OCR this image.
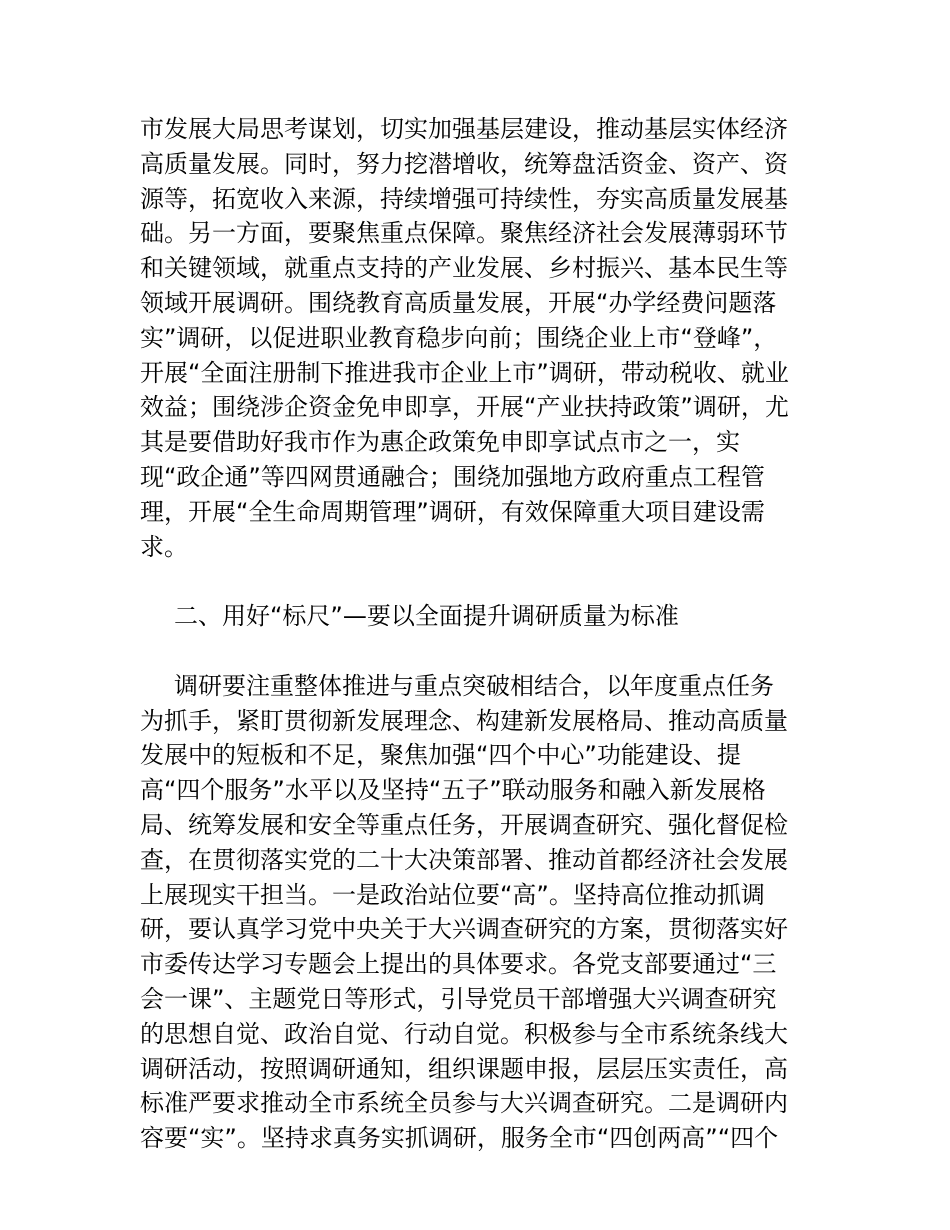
市发展大局思考谋划，切实加强基层建设，推动基层实体经济
高质量发展。同时，努力挖潜增收，统筹盘活资金、资产、资
源等，拓宽收入来源，持续增强可持续性，夯实高质量发展基
础。另一方面，要聚焦重点保障。聚焦经济社会发展薄弱环节
和关键领域，就重点支持的产业发展、乡村振兴、基本民生等
领域开展调研。围绕教育高质量发展，开展“办学经费问题落
实”调研，以促进职业教育稳步向前；围绕企业上市“登峰”，
开展“全面注册制下推进我市企业上市”调研，带动税收、就业
效益；围绕涉企资金免申即享，开展“产业扶持政策”调研，尤
其是要借助好我市作为惠企政策免申即享试点市之一，实
现“政企通”等四网贯通融合；围绕加强地方政府重点工程管
理，开展“全生命周期管理”调研，有效保障重大项目建设需
求。
二、用好“标尺”—要以全面提升调研质量为标准
调研要注重整体推进与重点突破相结合，以年度重点任务
为抓手，紧盯贯彻新发展理念、构建新发展格局、推动高质量
发展中的短板和不足，聚焦加强“四个中心”功能建设、提
高“四个服务”水平以及坚持“五子”联动服务和融入新发展格
局、统筹发展和安全等重点任务，开展调查研究、强化督促检
查，在贯彻落实党的二十大决策部署、推动首都经济社会发展
上展现实干担当。一是政治站位要“高”。坚持高位推动抓调
研，要认真学习党中央关于大兴调查研究的方案，贯彻落实好
市委传达学习专题会上提出的具体要求。各党支部要通过“三
会一课”、主题党日等形式，引导党员干部增强大兴调查研究
的思想自觉、政治自觉、行动自觉。积极参与全市系统条线大
调研活动，按照调研通知，组织课题申报，层层压实责任，高
标准严要求推动全市系统全员参与大兴调查研究。二是调研内
容要“实”。坚持求真务实抓调研，服务全市“四创两高”“四个
